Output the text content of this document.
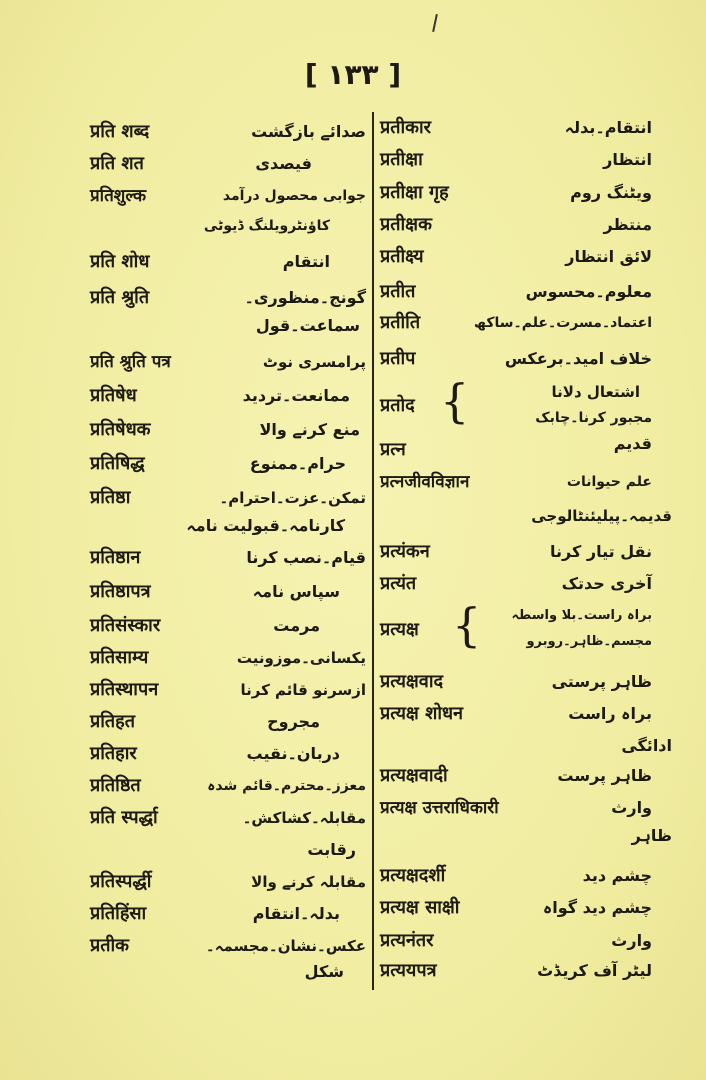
[ ۱۳۳ ]
प्रतीकार	انتقام۔بدلہ
प्रतीक्षा	انتظار
प्रतीक्षा गृह	ویٹنگ روم
प्रतीक्षक	منتظر
प्रतीक्ष्य	لائق انتظار
प्रतीत	معلوم۔محسوس
प्रतीति	اعتماد۔مسرت۔علم۔ساکھ
प्रतीप	خلاف امید۔برعکس
प्रतोद {	اشتعال دلانا
مجبور کرنا۔چابک
प्रत्न	قدیم
प्रत्नजीवविज्ञान	علم حیوانات
قدیمہ۔پیلیئنٹالوجی
प्रत्यंकन	نقل تیار کرنا
प्रत्यंत	آخری حدتک
प्रत्यक्ष { براہ راست۔بلا واسطہ
مجسم۔ظاہر۔روبرو
प्रत्यक्षवाद	ظاہر پرستی
प्रत्यक्ष शोधन	براہ راست
ادائگی
प्रत्यक्षवादी	ظاہر پرست
प्रत्यक्ष उत्तराधिकारी	وارث
ظاہر
प्रत्यक्षदर्शी	چشم دید
प्रत्यक्ष साक्षी	چشم دید گواہ
प्रत्यनंतर	وارث
प्रत्ययपत्र	لیٹر آف کریڈٹ
प्रति शब्द	صدائے بازگشت
प्रति शत	فیصدی
प्रतिशुल्क	جوابی محصول درآمد
کاؤنٹرویلنگ ڈیوٹی
प्रति शोध	انتقام
प्रति श्रुति	گونج۔منظوری۔
سماعت۔قول
प्रति श्रुति पत्र	پرامسری نوٹ
प्रतिषेध	ممانعت۔تردید
प्रतिषेधक	منع کرنے والا
प्रतिषिद्ध	حرام۔ممنوع
प्रतिष्ठा	تمکن۔عزت۔احترام۔
کارنامہ۔قبولیت نامہ
प्रतिष्ठान	قیام۔نصب کرنا
प्रतिष्ठापत्र	سپاس نامہ
प्रतिसंस्कार	مرمت
प्रतिसाम्य	یکسانی۔موزونیت
प्रतिस्थापन	ازسرنو قائم کرنا
प्रतिहत	مجروح
प्रतिहार	دربان۔نقیب
प्रतिष्ठित	معزز۔محترم۔قائم شدہ
प्रति स्पर्द्धा	مقابلہ۔کشاکش۔
رقابت
प्रतिस्पर्द्धी	مقابلہ کرنے والا
प्रतिहिंसा	بدلہ۔انتقام
प्रतीक	عکس۔نشان۔مجسمہ۔
شکل
